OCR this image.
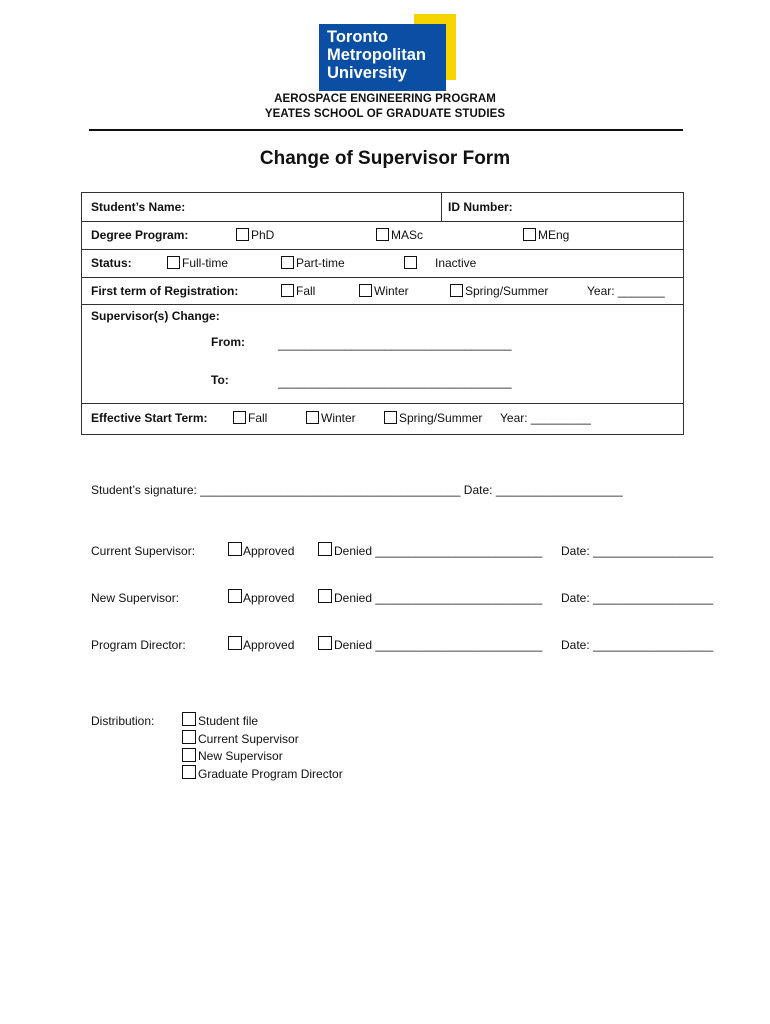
Toronto
Metropolitan
University
AEROSPACE ENGINEERING PROGRAM
YEATES SCHOOL OF GRADUATE STUDIES
Change of Supervisor Form
Student’s Name:	ID Number:
Degree Program:	PhD	MASc	MEng
Status:	Full-time	Part-time	Inactive
First term of Registration:	Fall	Winter	Spring/Summer	Year: _______
Supervisor(s) Change:
From:	___________________________________
To:	___________________________________
Effective Start Term:	Fall	Winter	Spring/Summer Year: _________
Student’s signature: _______________________________________ Date: ___________________
Current Supervisor:	Approved	Denied _________________________ Date: __________________
New Supervisor:	Approved	Denied _________________________ Date: __________________
Program Director:	Approved	Denied _________________________ Date: __________________
Distribution:	Student file
Current Supervisor
New Supervisor
Graduate Program Director
